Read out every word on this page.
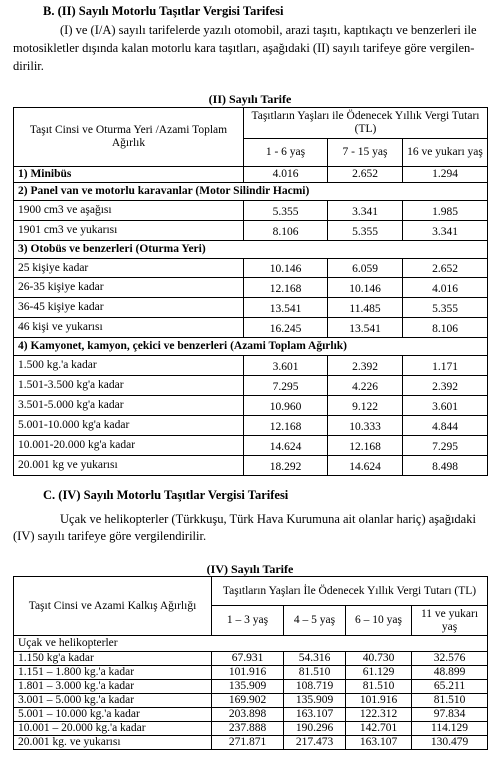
B. (II) Sayılı Motorlu Taşıtlar Vergisi Tarifesi
(I) ve (I/A) sayılı tarifelerde yazılı otomobil, arazi taşıtı, kaptıkaçtı ve benzerleri ile
motosikletler dışında kalan motorlu kara taşıtları, aşağıdaki (II) sayılı tarifeye göre vergilen-
dirilir.
(II) Sayılı Tarife
Taşıt Cinsi ve Oturma Yeri /Azami Toplam Ağırlık	Taşıtların Yaşları ile Ödenecek Yıllık Vergi Tutarı (TL)		
	1 - 6 yaş	7 - 15 yaş	16 ve yukarı yaş
1) Minibüs	4.016	2.652	1.294
2) Panel van ve motorlu karavanlar (Motor Silindir Hacmi)			
1900 cm3 ve aşağısı	5.355	3.341	1.985
1901 cm3 ve yukarısı	8.106	5.355	3.341
3) Otobüs ve benzerleri (Oturma Yeri)			
25 kişiye kadar	10.146	6.059	2.652
26-35 kişiye kadar	12.168	10.146	4.016
36-45 kişiye kadar	13.541	11.485	5.355
46 kişi ve yukarısı	16.245	13.541	8.106
4) Kamyonet, kamyon, çekici ve benzerleri (Azami Toplam Ağırlık)			
1.500 kg.'a kadar	3.601	2.392	1.171
1.501-3.500 kg'a kadar	7.295	4.226	2.392
3.501-5.000 kg'a kadar	10.960	9.122	3.601
5.001-10.000 kg'a kadar	12.168	10.333	4.844
10.001-20.000 kg'a kadar	14.624	12.168	7.295
20.001 kg ve yukarısı	18.292	14.624	8.498
C. (IV) Sayılı Motorlu Taşıtlar Vergisi Tarifesi
Uçak ve helikopterler (Türkkuşu, Türk Hava Kurumuna ait olanlar hariç) aşağıdaki
(IV) sayılı tarifeye göre vergilendirilir.
(IV) Sayılı Tarife
Taşıt Cinsi ve Azami Kalkış Ağırlığı	Taşıtların Yaşları İle Ödenecek Yıllık Vergi Tutarı (TL)			
	1 – 3 yaş	4 – 5 yaş	6 – 10 yaş	11 ve yukarı yaş
Uçak ve helikopterler				
1.150 kg'a kadar	67.931	54.316	40.730	32.576
1.151 – 1.800 kg.'a kadar	101.916	81.510	61.129	48.899
1.801 – 3.000 kg.'a kadar	135.909	108.719	81.510	65.211
3.001 – 5.000 kg.'a kadar	169.902	135.909	101.916	81.510
5.001 – 10.000 kg.'a kadar	203.898	163.107	122.312	97.834
10.001 – 20.000 kg.'a kadar	237.888	190.296	142.701	114.129
20.001 kg. ve yukarısı	271.871	217.473	163.107	130.479
